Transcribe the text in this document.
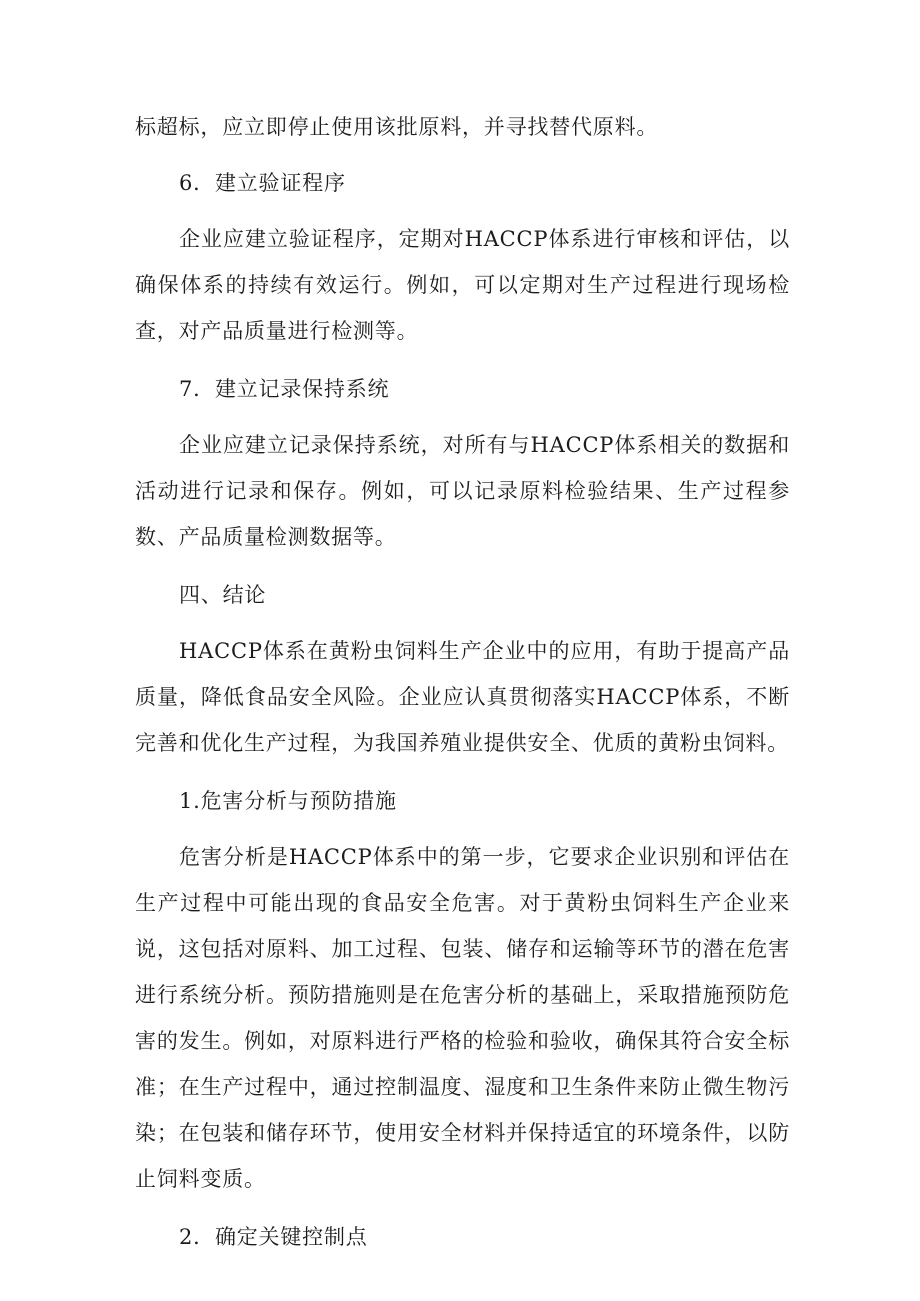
标超标，应立即停止使用该批原料，并寻找替代原料。

6．建立验证程序

企业应建立验证程序，定期对HACCP体系进行审核和评估，以确保体系的持续有效运行。例如，可以定期对生产过程进行现场检查，对产品质量进行检测等。

7．建立记录保持系统

企业应建立记录保持系统，对所有与HACCP体系相关的数据和活动进行记录和保存。例如，可以记录原料检验结果、生产过程参数、产品质量检测数据等。

四、结论

HACCP体系在黄粉虫饲料生产企业中的应用，有助于提高产品质量，降低食品安全风险。企业应认真贯彻落实HACCP体系，不断完善和优化生产过程，为我国养殖业提供安全、优质的黄粉虫饲料。

1.危害分析与预防措施

危害分析是HACCP体系中的第一步，它要求企业识别和评估在生产过程中可能出现的食品安全危害。对于黄粉虫饲料生产企业来说，这包括对原料、加工过程、包装、储存和运输等环节的潜在危害进行系统分析。预防措施则是在危害分析的基础上，采取措施预防危害的发生。例如，对原料进行严格的检验和验收，确保其符合安全标准；在生产过程中，通过控制温度、湿度和卫生条件来防止微生物污染；在包装和储存环节，使用安全材料并保持适宜的环境条件，以防止饲料变质。

2．确定关键控制点
